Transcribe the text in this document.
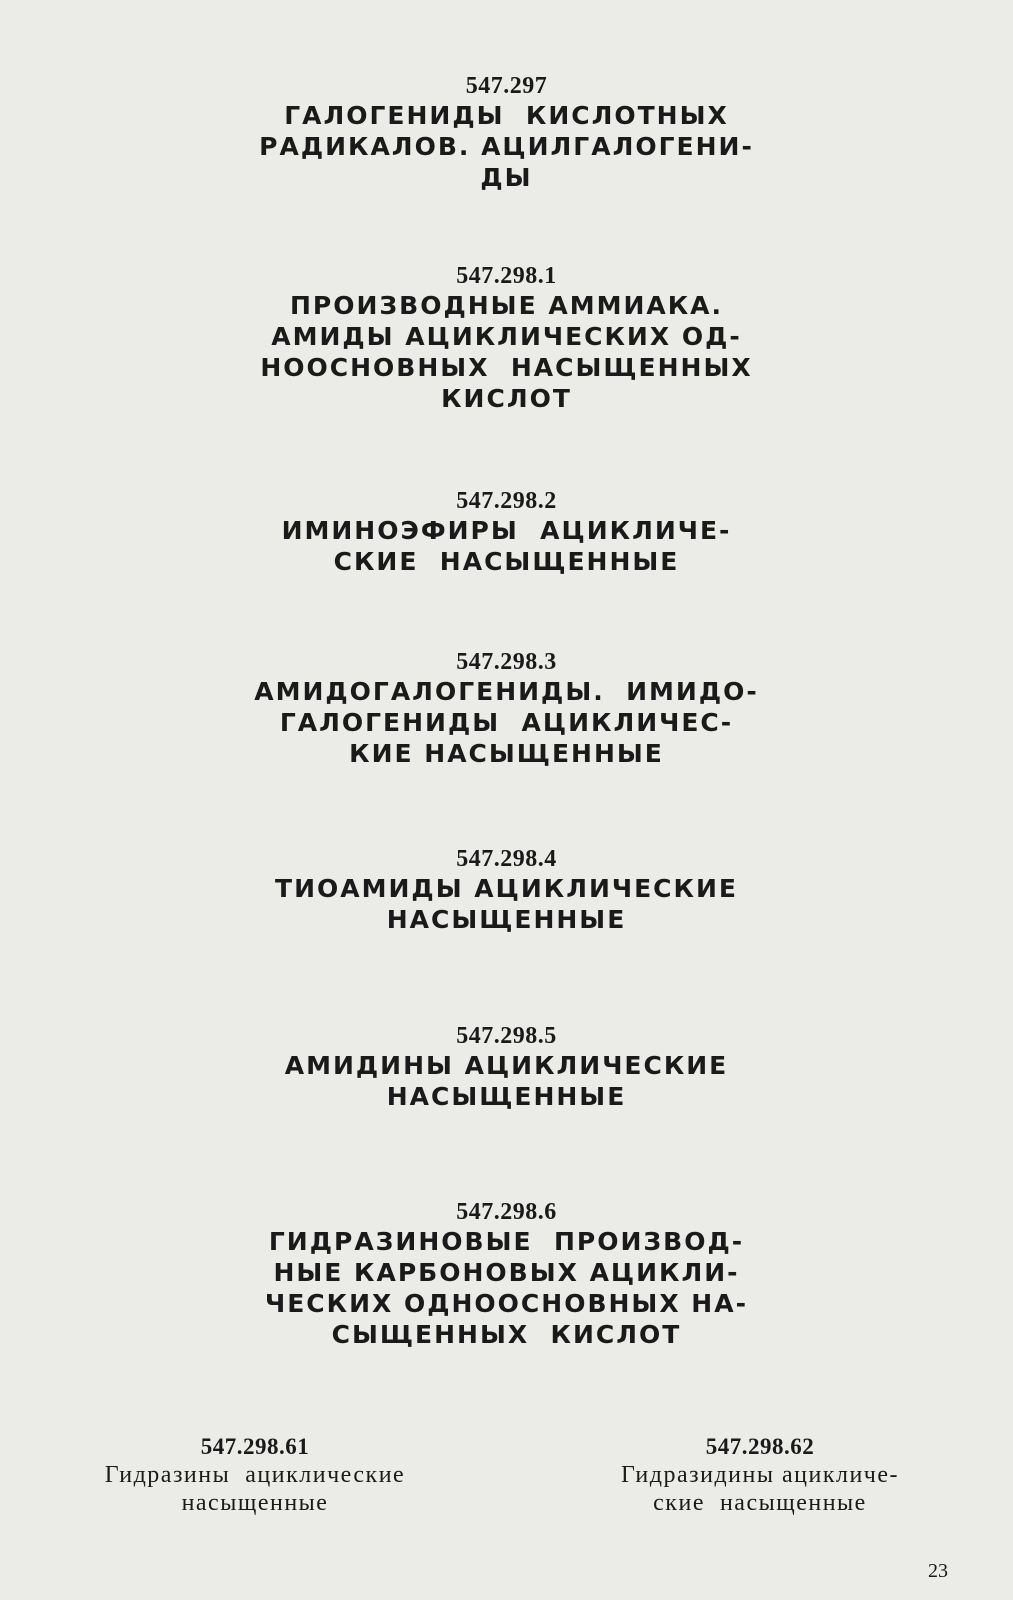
547.297
ГАЛОГЕНИДЫ  КИСЛОТНЫХ
РАДИКАЛОВ. АЦИЛГАЛОГЕНИ-
ДЫ
547.298.1
ПРОИЗВОДНЫЕ АММИАКА.
АМИДЫ АЦИКЛИЧЕСКИХ ОД-
НООСНОВНЫХ  НАСЫЩЕННЫХ
КИСЛОТ
547.298.2
ИМИНОЭФИРЫ  АЦИКЛИЧЕ-
СКИЕ  НАСЫЩЕННЫЕ
547.298.3
АМИДОГАЛОГЕНИДЫ.  ИМИДО-
ГАЛОГЕНИДЫ  АЦИКЛИЧЕС-
КИЕ НАСЫЩЕННЫЕ
547.298.4
ТИОАМИДЫ АЦИКЛИЧЕСКИЕ
НАСЫЩЕННЫЕ
547.298.5
АМИДИНЫ АЦИКЛИЧЕСКИЕ
НАСЫЩЕННЫЕ
547.298.6
ГИДРАЗИНОВЫЕ  ПРОИЗВОД-
НЫЕ КАРБОНОВЫХ АЦИКЛИ-
ЧЕСКИХ ОДНООСНОВНЫХ НА-
СЫЩЕННЫХ  КИСЛОТ
547.298.61
Гидразины  ациклические
насыщенные
547.298.62
Гидразидины ацикличе-
ские  насыщенные
23
